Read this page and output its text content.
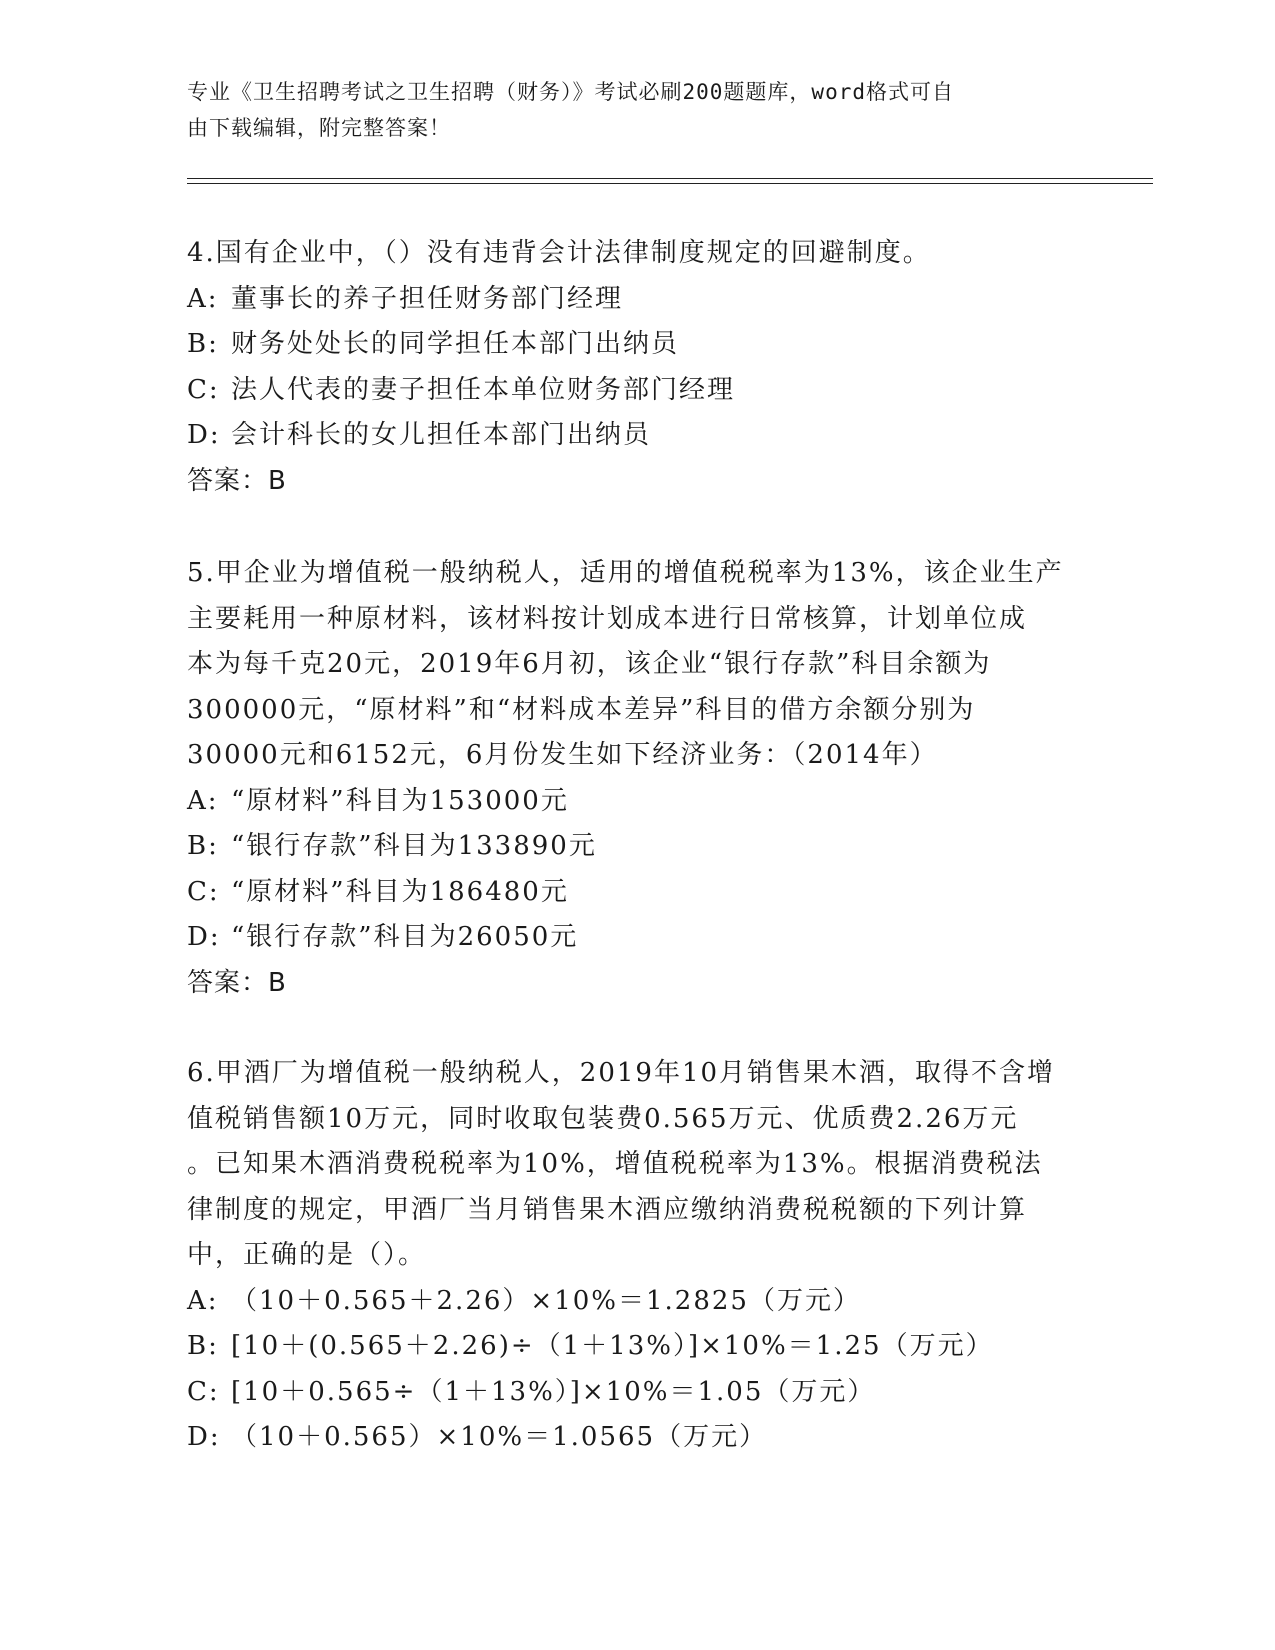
专业《卫生招聘考试之卫生招聘（财务）》考试必刷200题题库，word格式可自
由下载编辑，附完整答案！

4.国有企业中，（）没有违背会计法律制度规定的回避制度。

A: 董事长的养子担任财务部门经理

B: 财务处处长的同学担任本部门出纳员

C: 法人代表的妻子担任本单位财务部门经理

D: 会计科长的女儿担任本部门出纳员

答案：B

5.甲企业为增值税一般纳税人，适用的增值税税率为13%，该企业生产

主要耗用一种原材料，该材料按计划成本进行日常核算，计划单位成

本为每千克20元，2019年6月初，该企业“银行存款”科目余额为

300000元，“原材料”和“材料成本差异”科目的借方余额分别为

30000元和6152元，6月份发生如下经济业务：（2014年）

A: “原材料”科目为153000元

B: “银行存款”科目为133890元

C: “原材料”科目为186480元

D: “银行存款”科目为26050元

答案：B

6.甲酒厂为增值税一般纳税人，2019年10月销售果木酒，取得不含增

值税销售额10万元，同时收取包装费0.565万元、优质费2.26万元

。已知果木酒消费税税率为10%，增值税税率为13%。根据消费税法

律制度的规定，甲酒厂当月销售果木酒应缴纳消费税税额的下列计算

中，正确的是（）。

A: （10＋0.565＋2.26）×10%＝1.2825（万元）

B: [10＋(0.565＋2.26)÷（1＋13%）]×10%＝1.25（万元）

C: [10＋0.565÷（1＋13%）]×10%＝1.05（万元）

D: （10＋0.565）×10%＝1.0565（万元）
